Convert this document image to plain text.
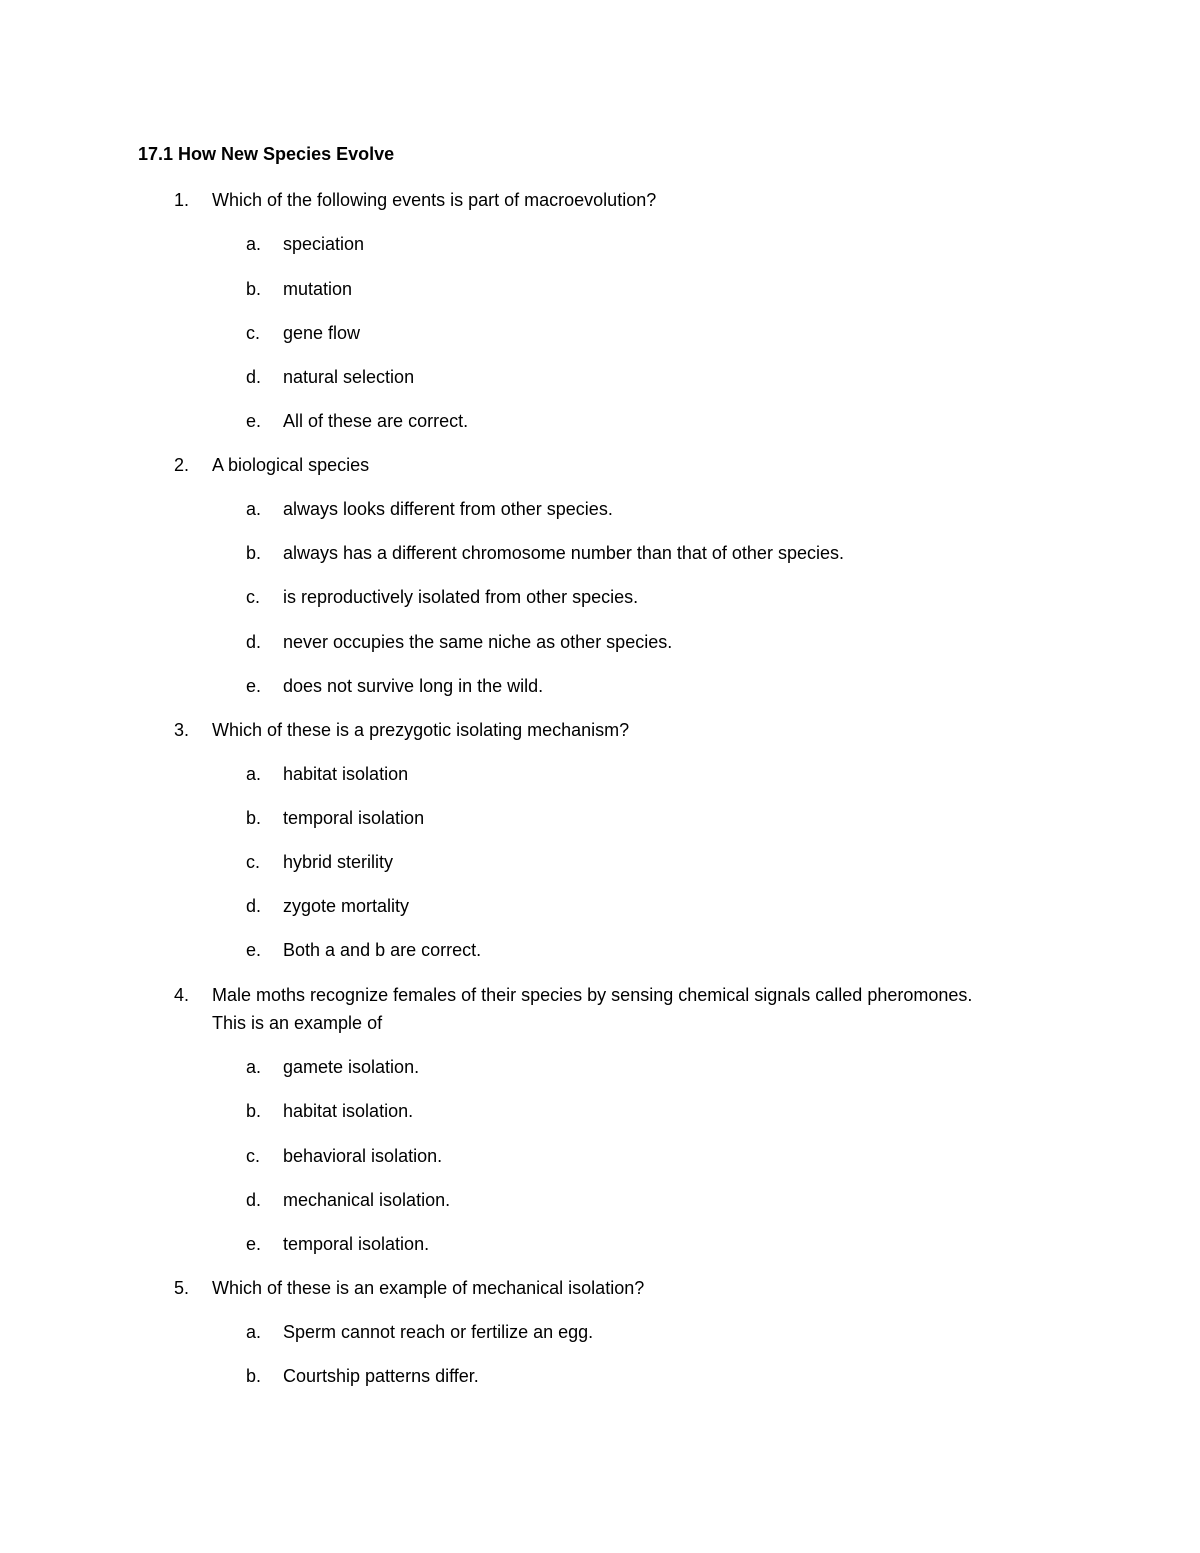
17.1 How New Species Evolve
1. Which of the following events is part of macroevolution?
a. speciation
b. mutation
c. gene flow
d. natural selection
e. All of these are correct.
2. A biological species
a. always looks different from other species.
b. always has a different chromosome number than that of other species.
c. is reproductively isolated from other species.
d. never occupies the same niche as other species.
e. does not survive long in the wild.
3. Which of these is a prezygotic isolating mechanism?
a. habitat isolation
b. temporal isolation
c. hybrid sterility
d. zygote mortality
e. Both a and b are correct.
4. Male moths recognize females of their species by sensing chemical signals called pheromones.
This is an example of
a. gamete isolation.
b. habitat isolation.
c. behavioral isolation.
d. mechanical isolation.
e. temporal isolation.
5. Which of these is an example of mechanical isolation?
a. Sperm cannot reach or fertilize an egg.
b. Courtship patterns differ.
